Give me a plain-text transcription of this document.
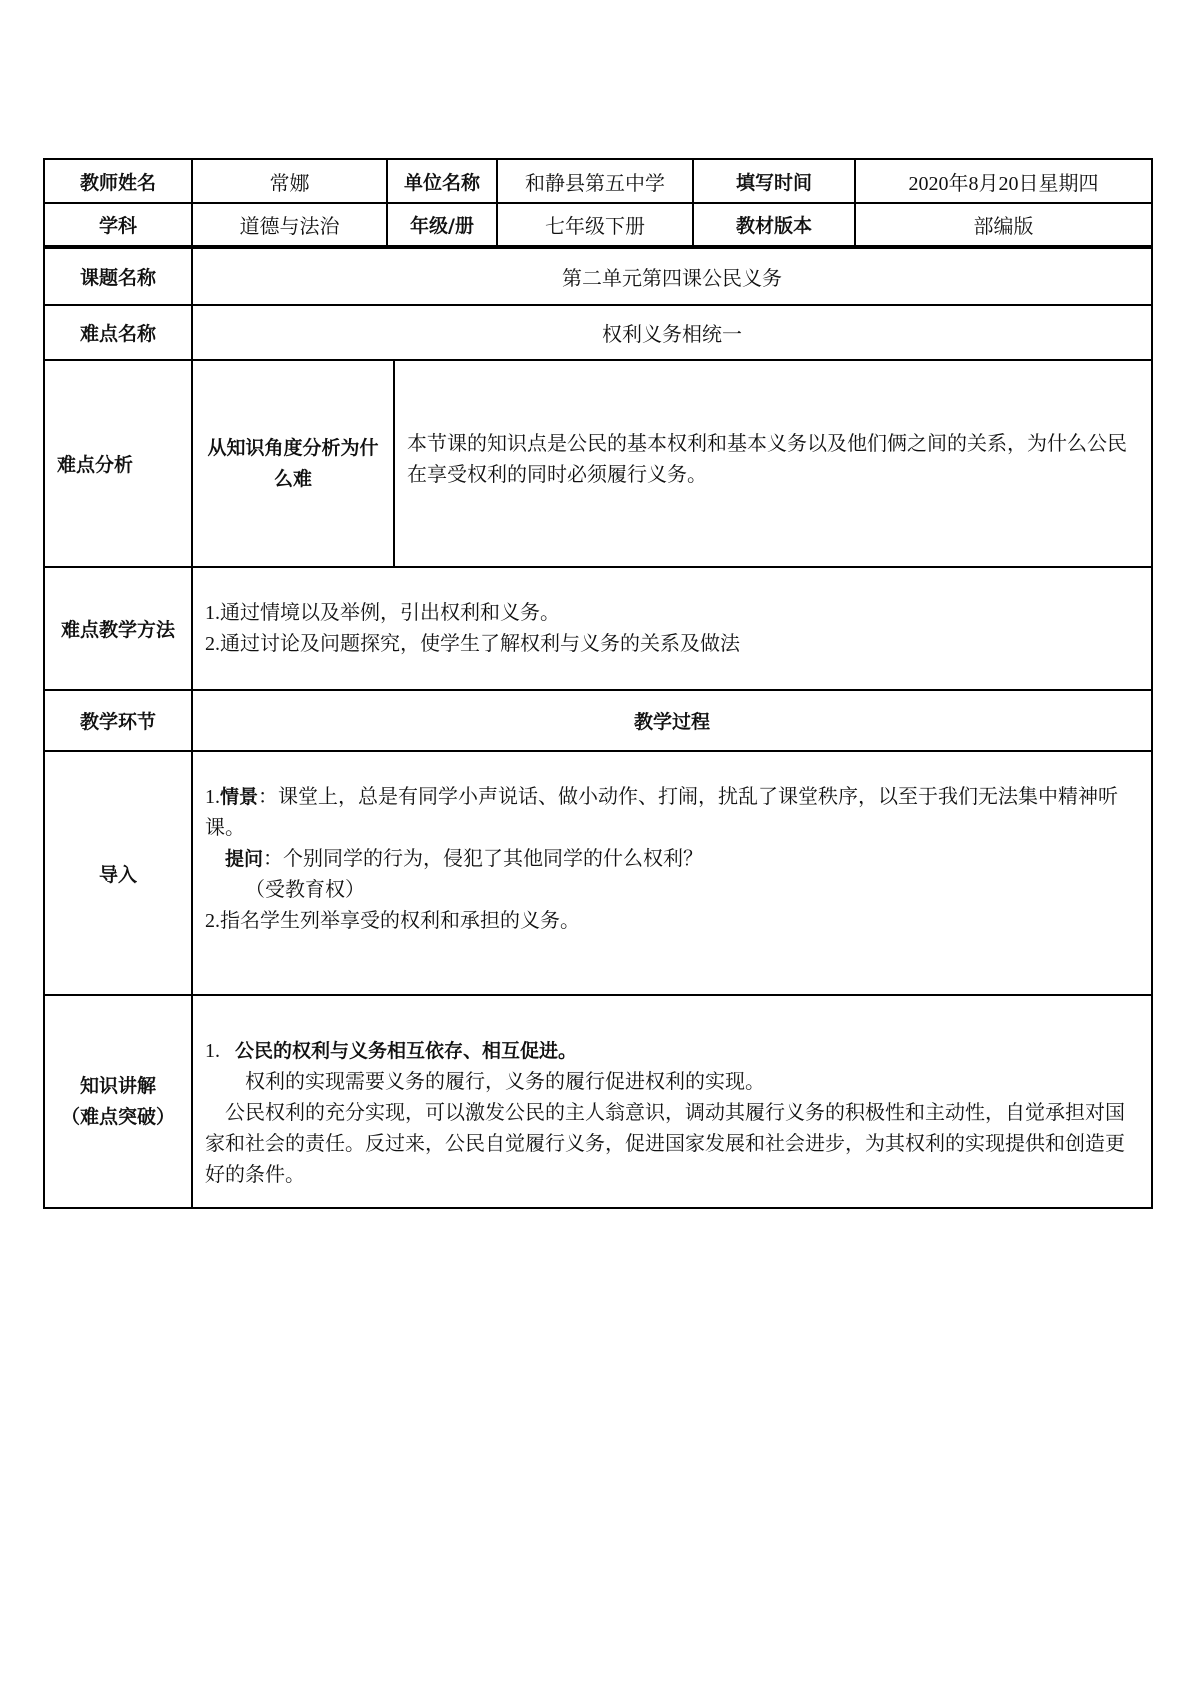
教师姓名	常娜	单位名称	和静县第五中学	填写时间	2020年8月20日星期四
学科	道德与法治	年级/册	七年级下册	教材版本	部编版
课题名称	第二单元第四课公民义务	
难点名称	权利义务相统一	
难点分析	从知识角度分析为什么难	本节课的知识点是公民的基本权利和基本义务以及他们俩之间的关系，为什么公民在享受权利的同时必须履行义务。
难点教学方法	1.通过情境以及举例，引出权利和义务。
2.通过讨论及问题探究，使学生了解权利与义务的关系及做法	

教学环节	教学过程	
导入	1.情景：课堂上，总是有同学小声说话、做小动作、打闹，扰乱了课堂秩序，以至于我们无法集中精神听课。
提问：个别同学的行为，侵犯了其他同学的什么权利？
（受教育权）
2.指名学生列举享受的权利和承担的义务。	

知识讲解
（难点突破）	1. 公民的权利与义务相互依存、相互促进。
权利的实现需要义务的履行，义务的履行促进权利的实现。
公民权利的充分实现，可以激发公民的主人翁意识，调动其履行义务的积极性和主动性，自觉承担对国家和社会的责任。反过来，公民自觉履行义务，促进国家发展和社会进步，为其权利的实现提供和创造更好的条件。	
